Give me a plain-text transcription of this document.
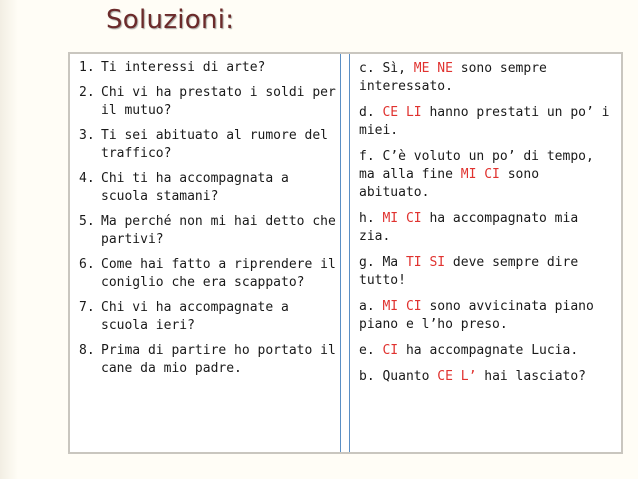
Soluzioni:
1. Ti interessi di arte?
2. Chi vi ha prestato i soldi per il mutuo?
3. Ti sei abituato al rumore del traffico?
4. Chi ti ha accompagnata a scuola stamani?
5. Ma perché non mi hai detto che partivi?
6. Come hai fatto a riprendere il coniglio che era scappato?
7. Chi vi ha accompagnate a scuola ieri?
8. Prima di partire ho portato il cane da mio padre.
c. Sì, ME NE sono sempre interessato.
d. CE LI hanno prestati un po’ i miei.
f. C’è voluto un po’ di tempo, ma alla fine MI CI sono abituato.
h. MI CI ha accompagnato mia zia.
g. Ma TI SI deve sempre dire tutto!
a. MI CI sono avvicinata piano piano e l’ho preso.
e. CI ha accompagnate Lucia.
b. Quanto CE L’ hai lasciato?
